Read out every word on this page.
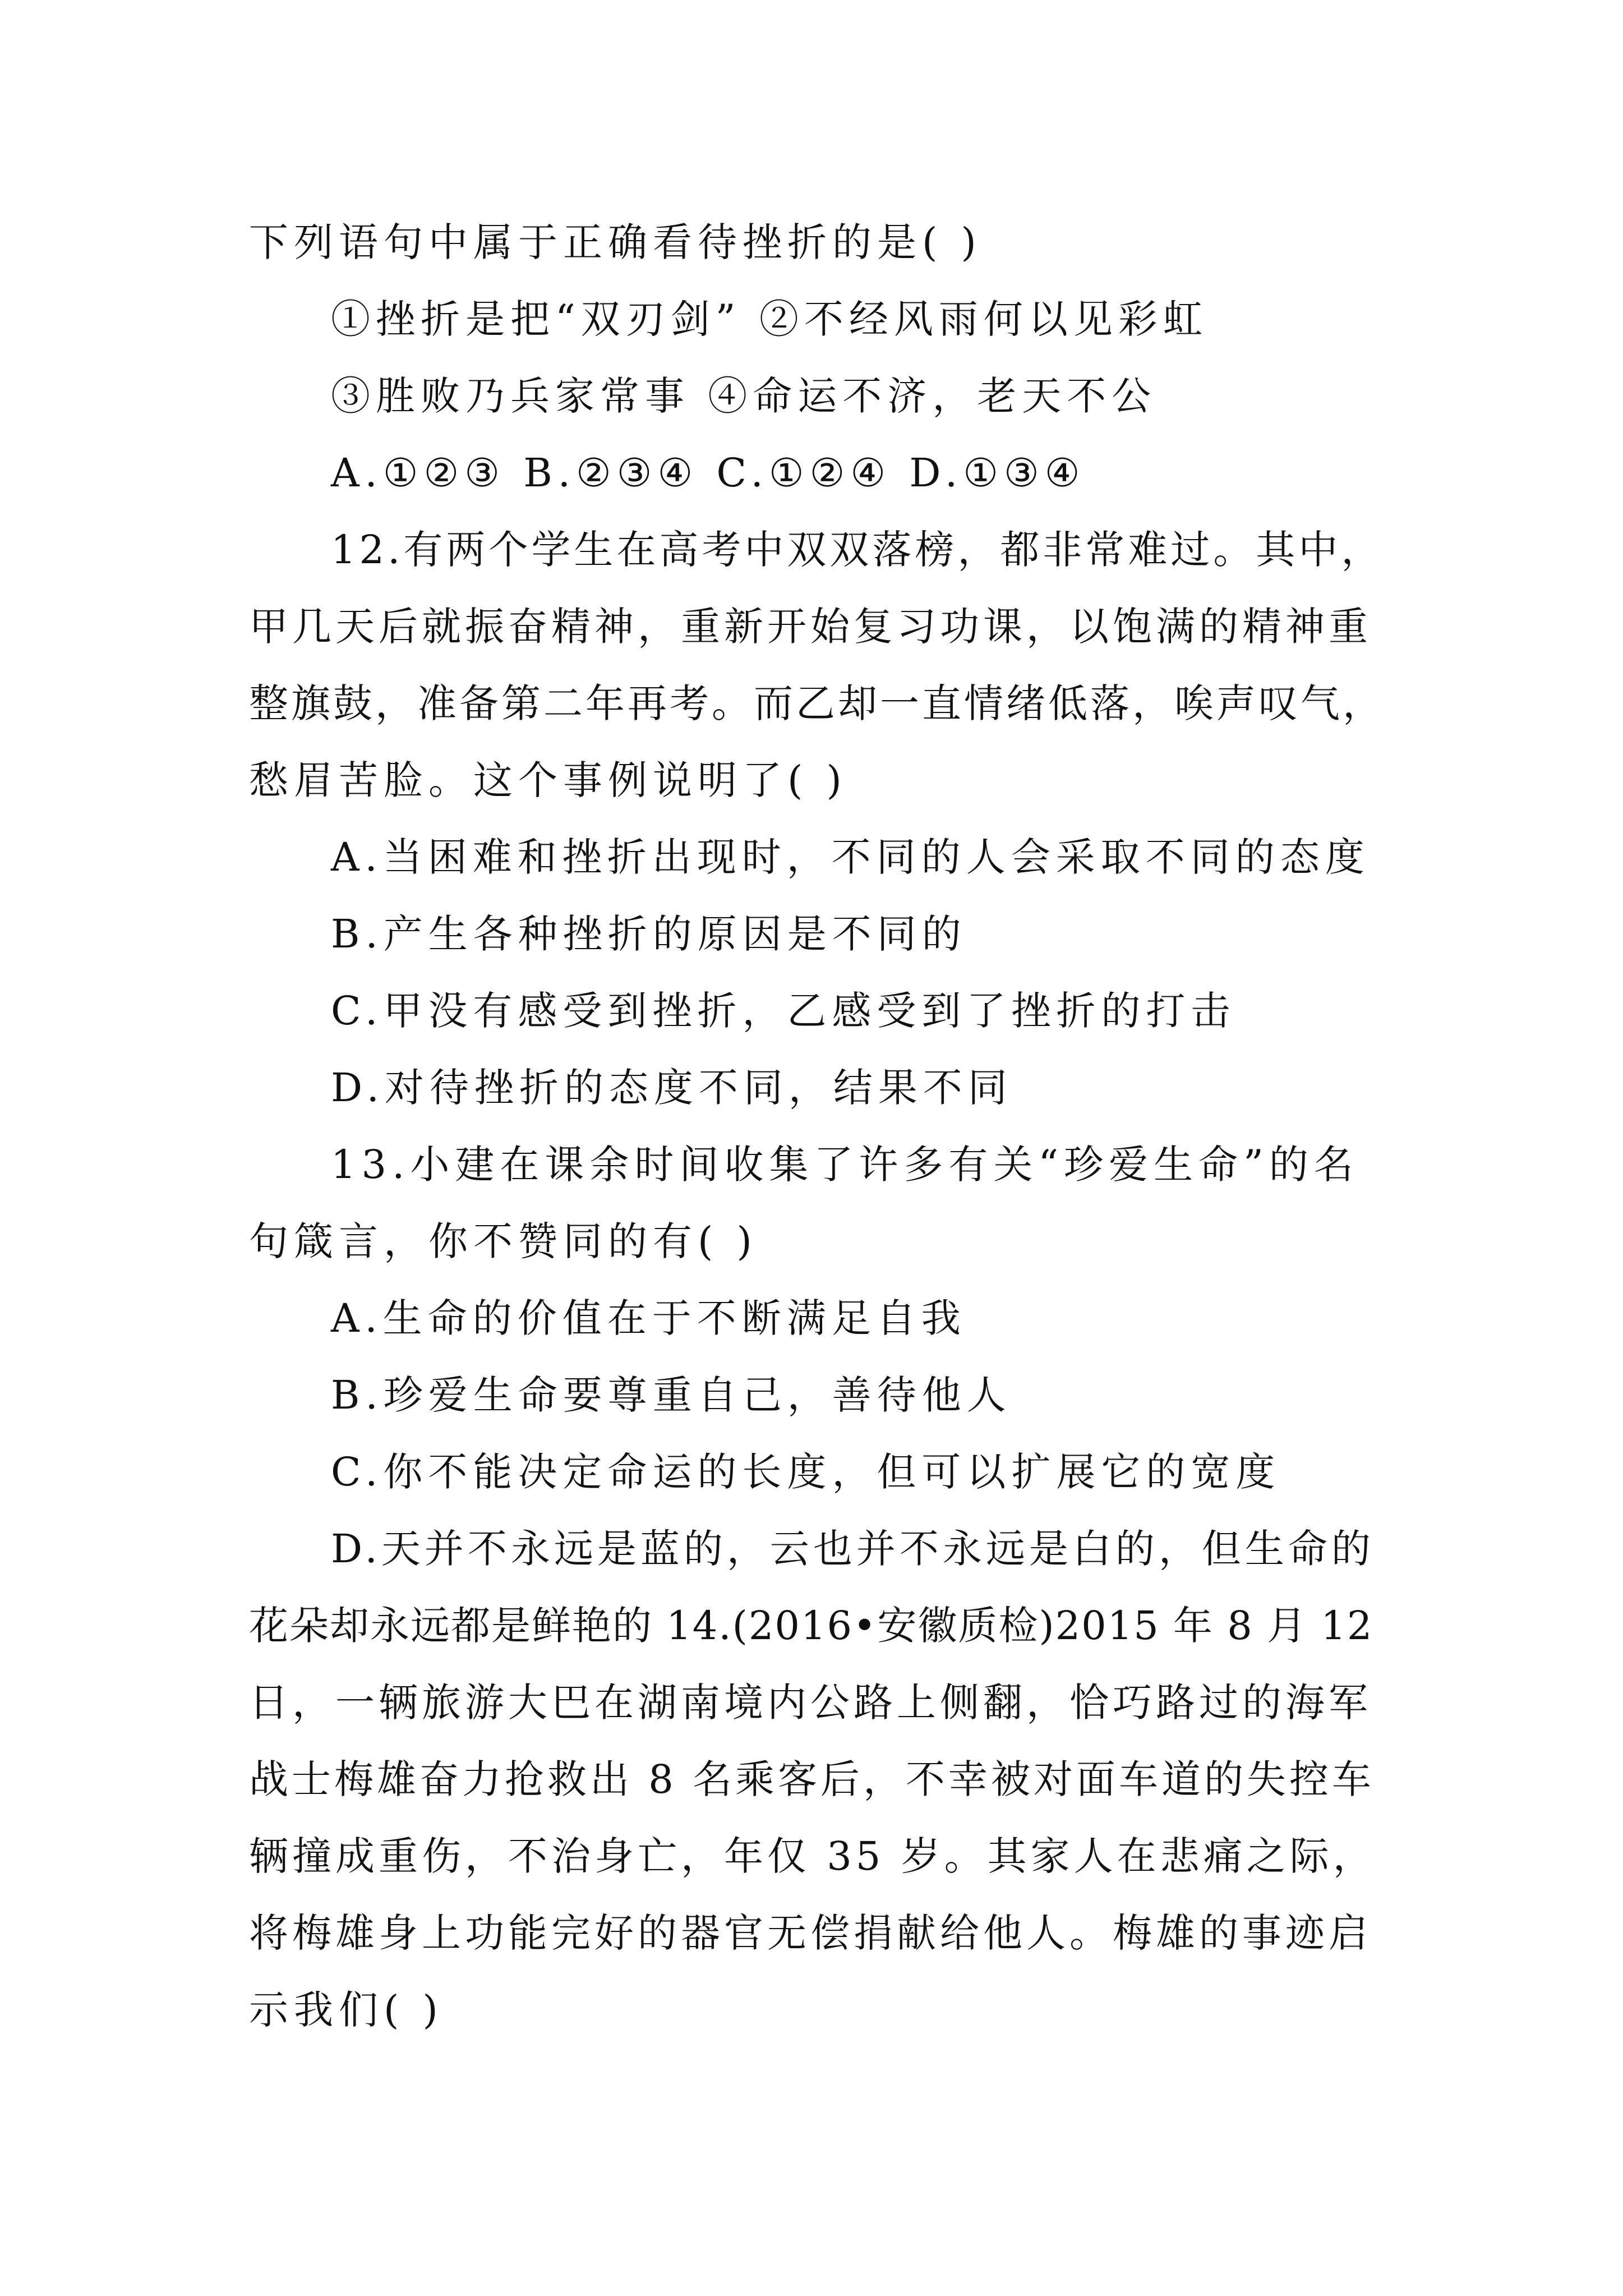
下列语句中属于正确看待挫折的是( )
①挫折是把“双刃剑” ②不经风雨何以见彩虹
③胜败乃兵家常事 ④命运不济，老天不公
A.①②③ B.②③④ C.①②④ D.①③④
12.有两个学生在高考中双双落榜，都非常难过。其中，
甲几天后就振奋精神，重新开始复习功课，以饱满的精神重
整旗鼓，准备第二年再考。而乙却一直情绪低落，唉声叹气，
愁眉苦脸。这个事例说明了( )
A.当困难和挫折出现时，不同的人会采取不同的态度
B.产生各种挫折的原因是不同的
C.甲没有感受到挫折，乙感受到了挫折的打击
D.对待挫折的态度不同，结果不同
13.小建在课余时间收集了许多有关“珍爱生命”的名
句箴言，你不赞同的有( )
A.生命的价值在于不断满足自我
B.珍爱生命要尊重自己，善待他人
C.你不能决定命运的长度，但可以扩展它的宽度
D.天并不永远是蓝的，云也并不永远是白的，但生命的
花朵却永远都是鲜艳的 14.(2016•安徽质检)2015 年 8 月 12
日，一辆旅游大巴在湖南境内公路上侧翻，恰巧路过的海军
战士梅雄奋力抢救出 8 名乘客后，不幸被对面车道的失控车
辆撞成重伤，不治身亡，年仅 35 岁。其家人在悲痛之际，
将梅雄身上功能完好的器官无偿捐献给他人。梅雄的事迹启
示我们( )
